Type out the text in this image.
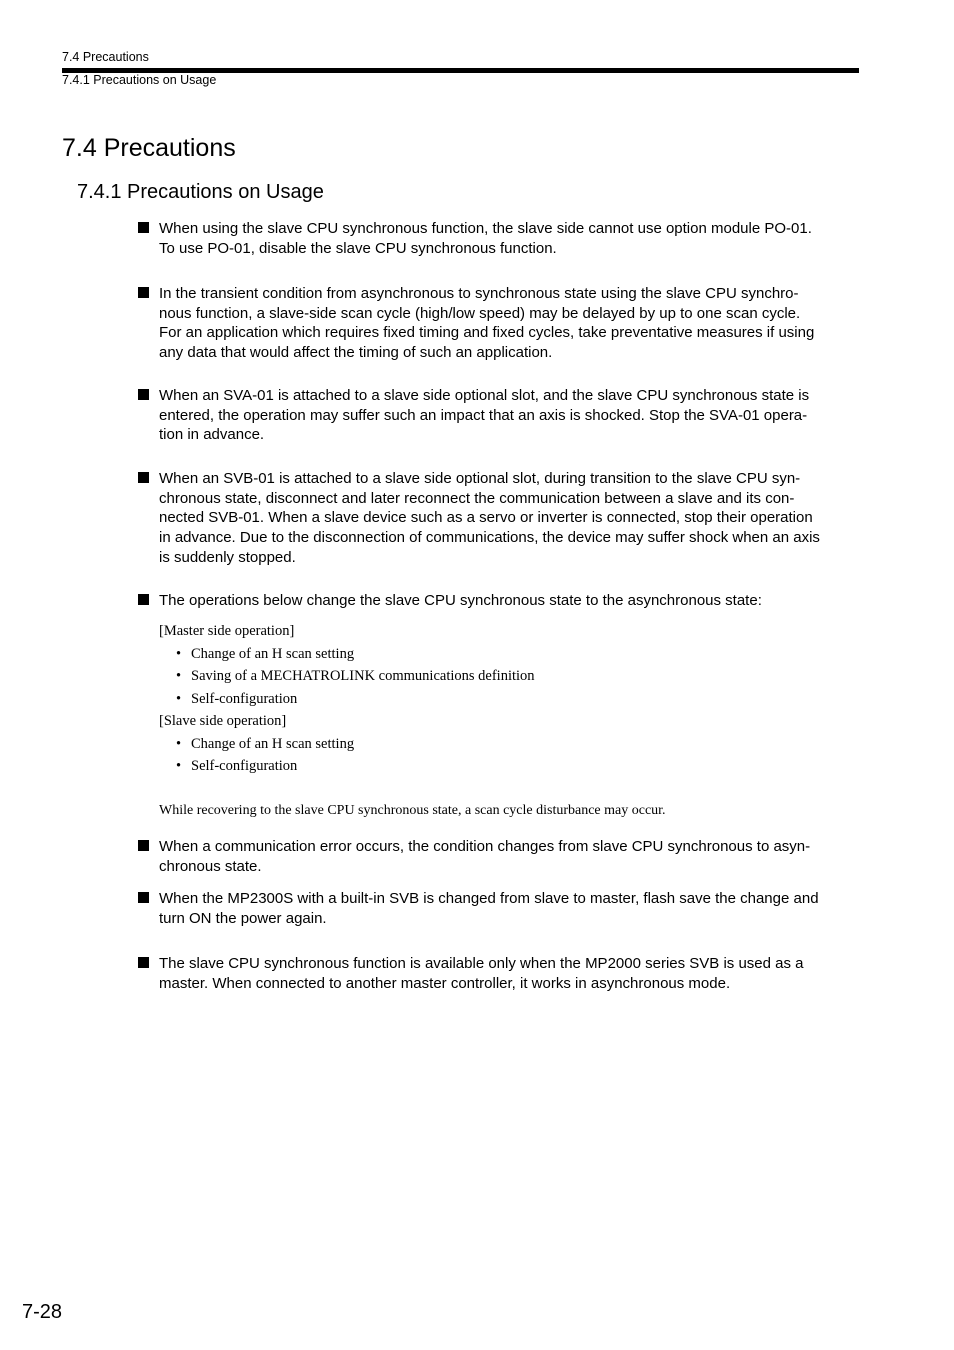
7.4 Precautions
7.4.1 Precautions on Usage
7.4 Precautions
7.4.1 Precautions on Usage
When using the slave CPU synchronous function, the slave side cannot use option module PO-01.
To use PO-01, disable the slave CPU synchronous function.
In the transient condition from asynchronous to synchronous state using the slave CPU synchro-
nous function, a slave-side scan cycle (high/low speed) may be delayed by up to one scan cycle.
For an application which requires fixed timing and fixed cycles, take preventative measures if using
any data that would affect the timing of such an application.
When an SVA-01 is attached to a slave side optional slot, and the slave CPU synchronous state is
entered, the operation may suffer such an impact that an axis is shocked. Stop the SVA-01 opera-
tion in advance.
When an SVB-01 is attached to a slave side optional slot, during transition to the slave CPU syn-
chronous state, disconnect and later reconnect the communication between a slave and its con-
nected SVB-01. When a slave device such as a servo or inverter is connected, stop their operation
in advance. Due to the disconnection of communications, the device may suffer shock when an axis
is suddenly stopped.
The operations below change the slave CPU synchronous state to the asynchronous state:
[Master side operation]
• Change of an H scan setting
• Saving of a MECHATROLINK communications definition
• Self-configuration
[Slave side operation]
• Change of an H scan setting
• Self-configuration
While recovering to the slave CPU synchronous state, a scan cycle disturbance may occur.
When a communication error occurs, the condition changes from slave CPU synchronous to asyn-
chronous state.
When the MP2300S with a built-in SVB is changed from slave to master, flash save the change and
turn ON the power again.
The slave CPU synchronous function is available only when the MP2000 series SVB is used as a
master. When connected to another master controller, it works in asynchronous mode.
7-28
